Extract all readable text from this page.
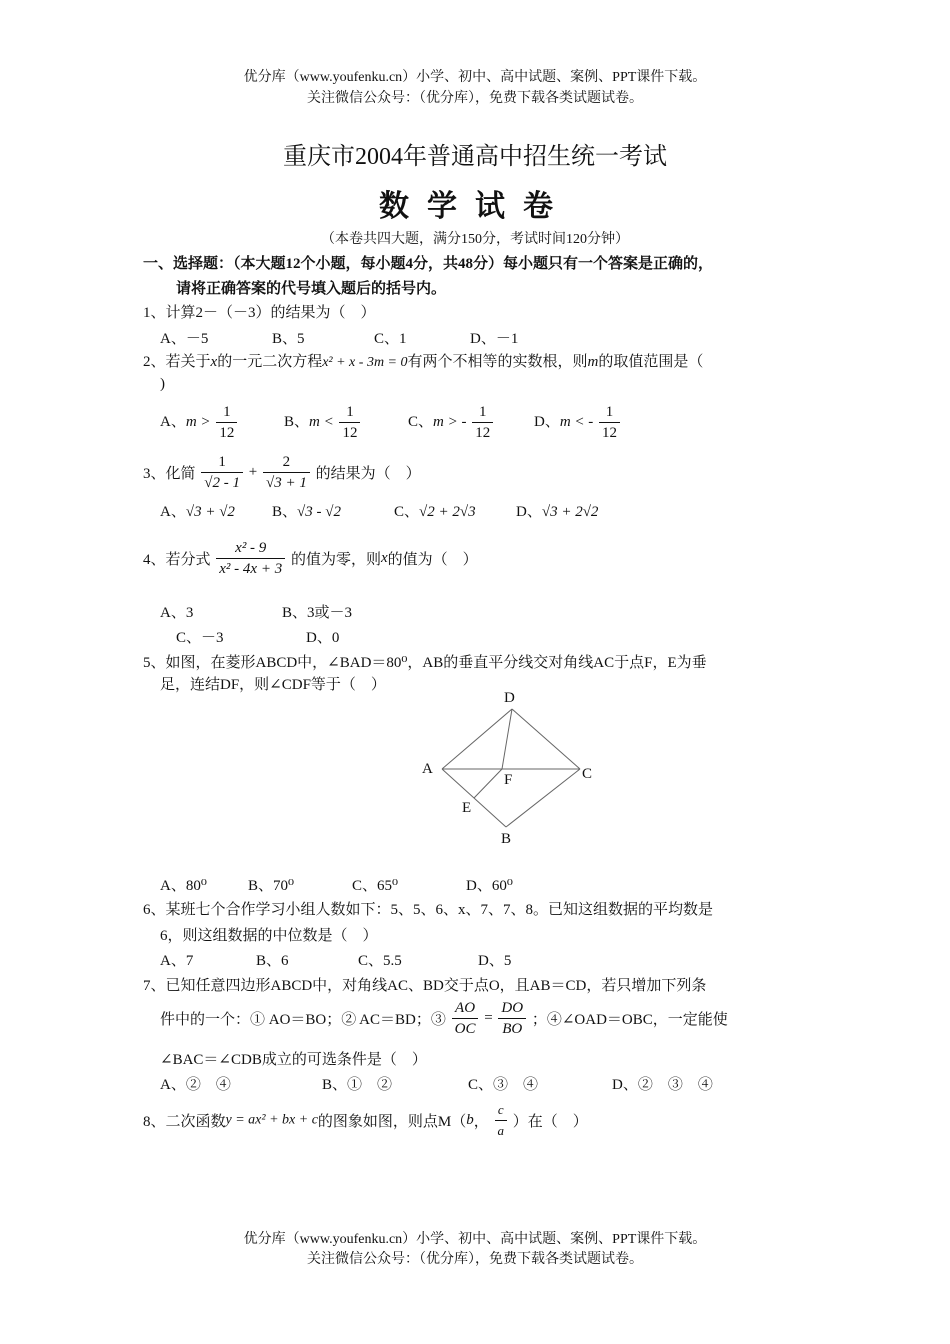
优分库（www.youfenku.cn）小学、初中、高中试题、案例、PPT课件下载。
关注微信公众号：（优分库），免费下载各类试题试卷。
重庆市2004年普通高中招生统一考试
数学试卷
（本卷共四大题，满分150分，考试时间120分钟）
一、选择题：（本大题12个小题，每小题4分，共48分）每小题只有一个答案是正确的，
请将正确答案的代号填入题后的括号内。
1、计算2－（－3）的结果为（　）
A、－5	B、5	C、1	D、－1
2、若关于x的一元二次方程x² + x - 3m = 0有两个不相等的实数根，则m的取值范围是（
)
A、$m > \frac{1}{12}$	B、$m < \frac{1}{12}$	C、m > - $\frac{1}{12}$	D、m < - $\frac{1}{12}$
3、化简 $\frac{1}{√2 - 1} + \frac{2}{√3 + 1}$ 的结果为（　）
A、√3 + √2 B、√3 - √2	C、√2 + 2√3	D、√3 + 2√2
4、若分式 $\frac{\text{x² - 9}}{\text{x² - 4x + 3}}$ 的值为零，则x的值为（　）
A、3	B、3或－3
C、－3	D、0
5、如图，在菱形ABCD中，∠BAD＝80⁰，AB的垂直平分线交对角线AC于点F，E为垂
足，连结DF，则∠CDF等于（　）
D
A	C
F
E
B
A、80⁰	B、70⁰	C、65⁰	D、60⁰
6、某班七个合作学习小组人数如下：5、5、6、x、7、7、8。已知这组数据的平均数是
6，则这组数据的中位数是（　）
A、7	B、6	C、5.5	D、5
7、已知任意四边形ABCD中，对角线AC、BD交于点O，且AB＝CD，若只增加下列条
件中的一个：① AO＝BO；② AC＝BD；③ $\frac{AO}{OC} = \frac{DO}{BO}$ ；④∠OAD＝OBC，一定能使
∠BAC＝∠CDB成立的可选条件是（　）
A、②　④	B、①　②	C、③　④	D、②　③　④
8、二次函数y = ax² + bx + c的图象如图，则点M（b， $\frac{c}{a}$ ）在（　）
优分库（www.youfenku.cn）小学、初中、高中试题、案例、PPT课件下载。
关注微信公众号：（优分库），免费下载各类试题试卷。
